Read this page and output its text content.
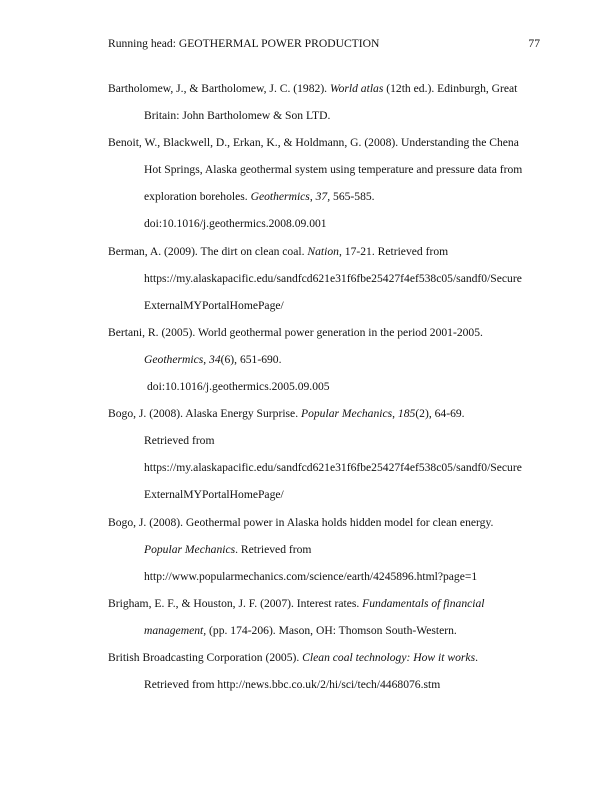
Running head: GEOTHERMAL POWER PRODUCTION	77
Bartholomew, J., & Bartholomew, J. C. (1982). World atlas (12th ed.). Edinburgh, Great
Britain: John Bartholomew & Son LTD.
Benoit, W., Blackwell, D., Erkan, K., & Holdmann, G. (2008). Understanding the Chena
Hot Springs, Alaska geothermal system using temperature and pressure data from
exploration boreholes. Geothermics, 37, 565-585.
doi:10.1016/j.geothermics.2008.09.001
Berman, A. (2009). The dirt on clean coal. Nation, 17-21. Retrieved from
https://my.alaskapacific.edu/sandfcd621e31f6fbe25427f4ef538c05/sandf0/Secure
ExternalMYPortalHomePage/
Bertani, R. (2005). World geothermal power generation in the period 2001-2005.
Geothermics, 34(6), 651-690.
doi:10.1016/j.geothermics.2005.09.005
Bogo, J. (2008). Alaska Energy Surprise. Popular Mechanics, 185(2), 64-69.
Retrieved from
https://my.alaskapacific.edu/sandfcd621e31f6fbe25427f4ef538c05/sandf0/Secure
ExternalMYPortalHomePage/
Bogo, J. (2008). Geothermal power in Alaska holds hidden model for clean energy.
Popular Mechanics. Retrieved from
http://www.popularmechanics.com/science/earth/4245896.html?page=1
Brigham, E. F., & Houston, J. F. (2007). Interest rates. Fundamentals of financial
management, (pp. 174-206). Mason, OH: Thomson South-Western.
British Broadcasting Corporation (2005). Clean coal technology: How it works.
Retrieved from http://news.bbc.co.uk/2/hi/sci/tech/4468076.stm
